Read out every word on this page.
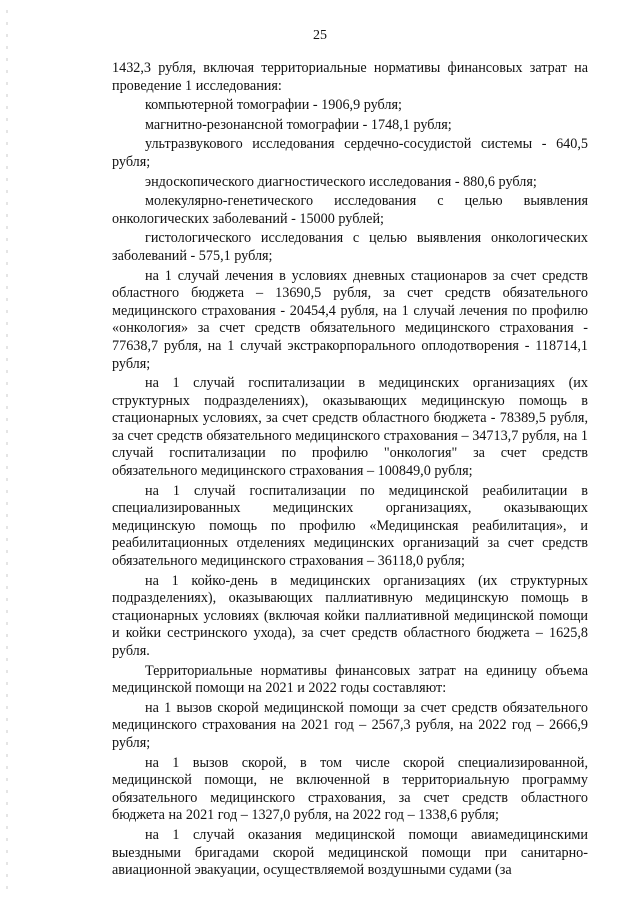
25

1432,3 рубля, включая территориальные нормативы финансовых затрат на проведение 1 исследования:

компьютерной томографии - 1906,9 рубля;

магнитно-резонансной томографии - 1748,1 рубля;

ультразвукового исследования сердечно-сосудистой системы - 640,5 рубля;

эндоскопического диагностического исследования - 880,6 рубля;

молекулярно-генетического исследования с целью выявления онкологических заболеваний - 15000 рублей;

гистологического исследования с целью выявления онкологических заболеваний - 575,1 рубля;

на 1 случай лечения в условиях дневных стационаров за счет средств областного бюджета – 13690,5 рубля, за счет средств обязательного медицинского страхования - 20454,4 рубля, на 1 случай лечения по профилю «онкология» за счет средств обязательного медицинского страхования - 77638,7 рубля, на 1 случай экстракорпорального оплодотворения - 118714,1 рубля;

на 1 случай госпитализации в медицинских организациях (их структурных подразделениях), оказывающих медицинскую помощь в стационарных условиях, за счет средств областного бюджета - 78389,5 рубля, за счет средств обязательного медицинского страхования – 34713,7 рубля, на 1 случай госпитализации по профилю "онкология" за счет средств обязательного медицинского страхования – 100849,0 рубля;

на 1 случай госпитализации по медицинской реабилитации в специализированных медицинских организациях, оказывающих медицинскую помощь по профилю «Медицинская реабилитация», и реабилитационных отделениях медицинских организаций за счет средств обязательного медицинского страхования – 36118,0 рубля;

на 1 койко-день в медицинских организациях (их структурных подразделениях), оказывающих паллиативную медицинскую помощь в стационарных условиях (включая койки паллиативной медицинской помощи и койки сестринского ухода), за счет средств областного бюджета – 1625,8 рубля.

Территориальные нормативы финансовых затрат на единицу объема медицинской помощи на 2021 и 2022 годы составляют:

на 1 вызов скорой медицинской помощи за счет средств обязательного медицинского страхования на 2021 год – 2567,3 рубля, на 2022 год – 2666,9 рубля;

на 1 вызов скорой, в том числе скорой специализированной, медицинской помощи, не включенной в территориальную программу обязательного медицинского страхования, за счет средств областного бюджета на 2021 год – 1327,0 рубля, на 2022 год – 1338,6 рубля;

на 1 случай оказания медицинской помощи авиамедицинскими выездными бригадами скорой медицинской помощи при санитарно-авиационной эвакуации, осуществляемой воздушными судами (за
